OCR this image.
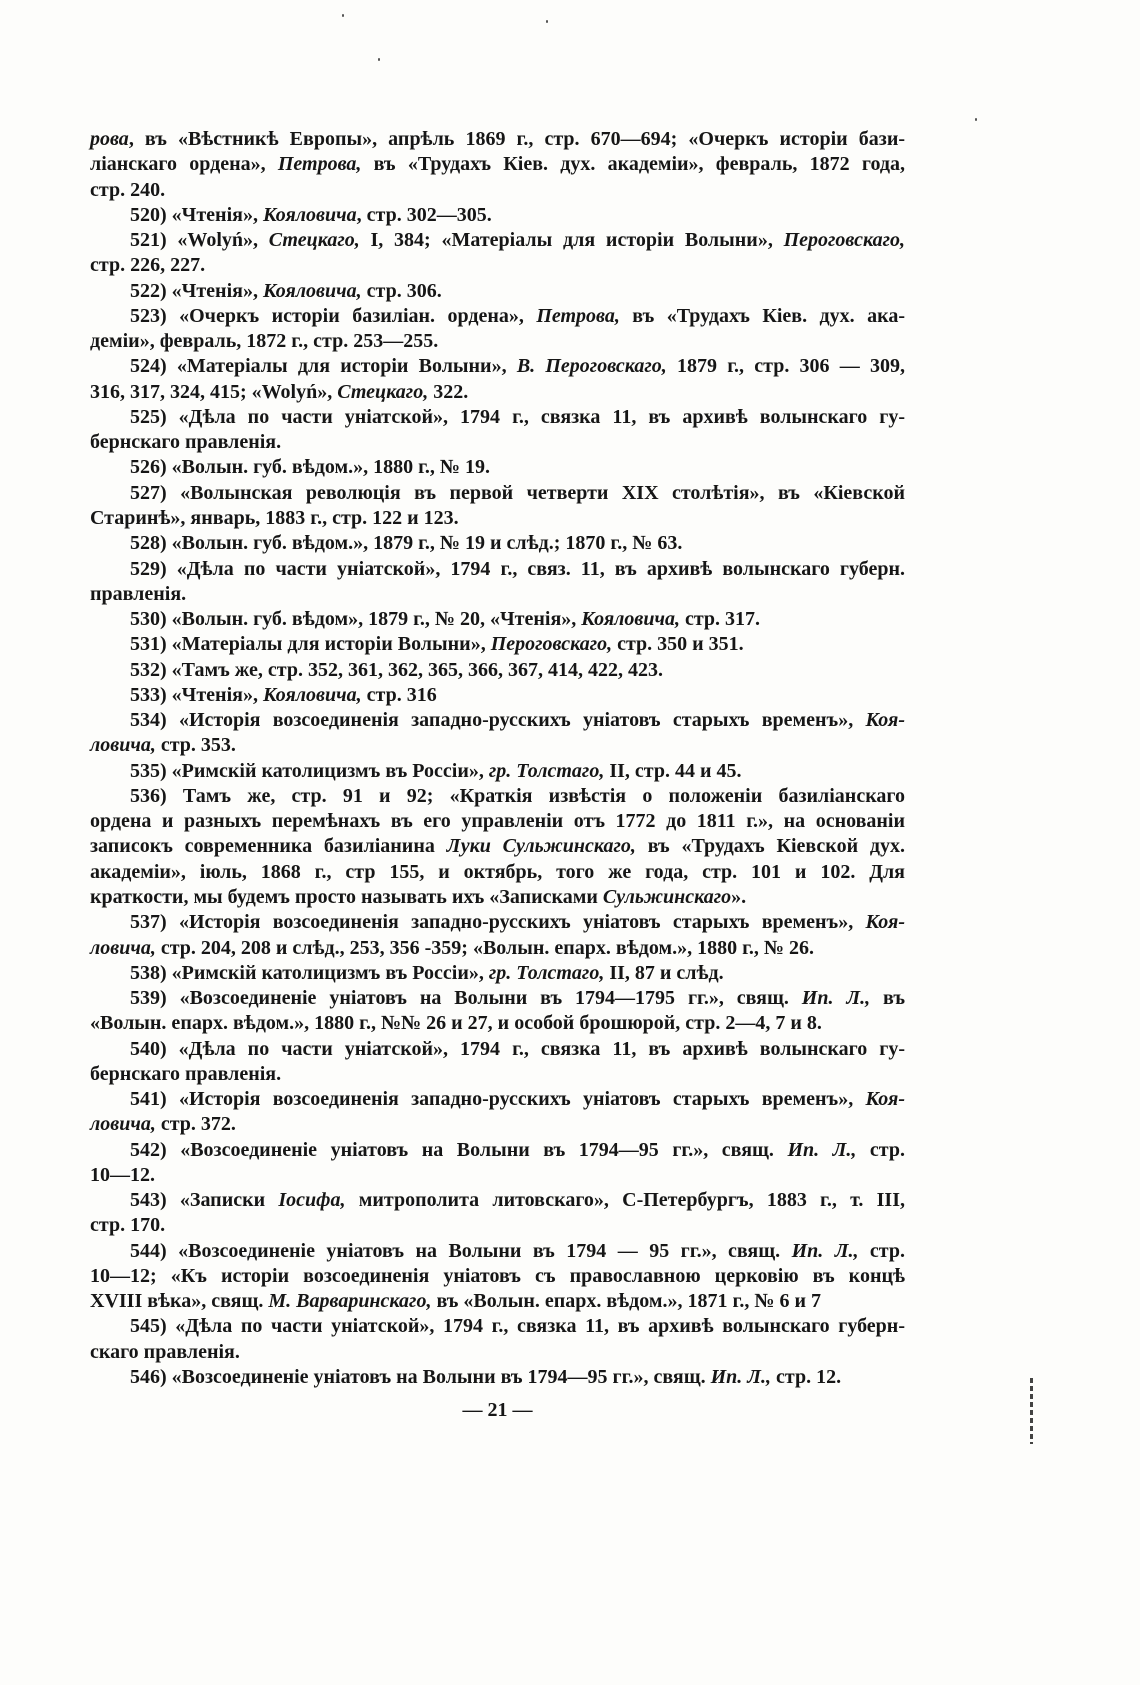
рова, въ «Вѣстникѣ Европы», апрѣль 1869 г., стр. 670—694; «Очеркъ исторіи бази-
ліанскаго ордена», Петрова, въ «Трудахъ Кіев. дух. академіи», февраль, 1872 года,
стр. 240.
520) «Чтенія», Кояловича, стр. 302—305.
521) «Wolyń», Стецкаго, I, 384; «Матеріалы для исторіи Волыни», Пероговскаго,
стр. 226, 227.
522) «Чтенія», Кояловича, стр. 306.
523) «Очеркъ исторіи базиліан. ордена», Петрова, въ «Трудахъ Кіев. дух. ака-
деміи», февраль, 1872 г., стр. 253—255.
524) «Матеріалы для исторіи Волыни», В. Пероговскаго, 1879 г., стр. 306 — 309,
316, 317, 324, 415; «Wolyń», Стецкаго, 322.
525) «Дѣла по части уніатской», 1794 г., связка 11, въ архивѣ волынскаго гу-
бернскаго правленія.
526) «Волын. губ. вѣдом.», 1880 г., № 19.
527) «Волынская революція въ первой четверти XIX столѣтія», въ «Кіевской
Старинѣ», январь, 1883 г., стр. 122 и 123.
528) «Волын. губ. вѣдом.», 1879 г., № 19 и слѣд.; 1870 г., № 63.
529) «Дѣла по части уніатской», 1794 г., связ. 11, въ архивѣ волынскаго губерн.
правленія.
530) «Волын. губ. вѣдом», 1879 г., № 20, «Чтенія», Кояловича, стр. 317.
531) «Матеріалы для исторіи Волыни», Пероговскаго, стр. 350 и 351.
532) «Тамъ же, стр. 352, 361, 362, 365, 366, 367, 414, 422, 423.
533) «Чтенія», Кояловича, стр. 316
534) «Исторія возсоединенія западно-русскихъ уніатовъ старыхъ временъ», Коя-
ловича, стр. 353.
535) «Римскій католицизмъ въ Россіи», гр. Толстаго, II, стр. 44 и 45.
536) Тамъ же, стр. 91 и 92; «Краткія извѣстія о положеніи базиліанскаго
ордена и разныхъ перемѣнахъ въ его управленіи отъ 1772 до 1811 г.», на основаніи
записокъ современника базиліанина Луки Сульжинскаго, въ «Трудахъ Кіевской дух.
академіи», іюль, 1868 г., стр 155, и октябрь, того же года, стр. 101 и 102. Для
краткости, мы будемъ просто называть ихъ «Записками Сульжинскаго».
537) «Исторія возсоединенія западно-русскихъ уніатовъ старыхъ временъ», Коя-
ловича, стр. 204, 208 и слѣд., 253, 356 -359; «Волын. епарх. вѣдом.», 1880 г., № 26.
538) «Римскій католицизмъ въ Россіи», гр. Толстаго, II, 87 и слѣд.
539) «Возсоединеніе уніатовъ на Волыни въ 1794—1795 гг.», свящ. Ип. Л., въ
«Волын. епарх. вѣдом.», 1880 г., №№ 26 и 27, и особой брошюрой, стр. 2—4, 7 и 8.
540) «Дѣла по части уніатской», 1794 г., связка 11, въ архивѣ волынскаго гу-
бернскаго правленія.
541) «Исторія возсоединенія западно-русскихъ уніатовъ старыхъ временъ», Коя-
ловича, стр. 372.
542) «Возсоединеніе уніатовъ на Волыни въ 1794—95 гг.», свящ. Ип. Л., стр.
10—12.
543) «Записки Іосифа, митрополита литовскаго», С-Петербургъ, 1883 г., т. III,
стр. 170.
544) «Возсоединеніе уніатовъ на Волыни въ 1794 — 95 гг.», свящ. Ип. Л., стр.
10—12; «Къ исторіи возсоединенія уніатовъ съ православною церковію въ концѣ
XVIII вѣка», свящ. М. Варваринскаго, въ «Волын. епарх. вѣдом.», 1871 г., № 6 и 7
545) «Дѣла по части уніатской», 1794 г., связка 11, въ архивѣ волынскаго губерн-
скаго правленія.
546) «Возсоединеніе уніатовъ на Волыни въ 1794—95 гг.», свящ. Ип. Л., стр. 12.
— 21 —
